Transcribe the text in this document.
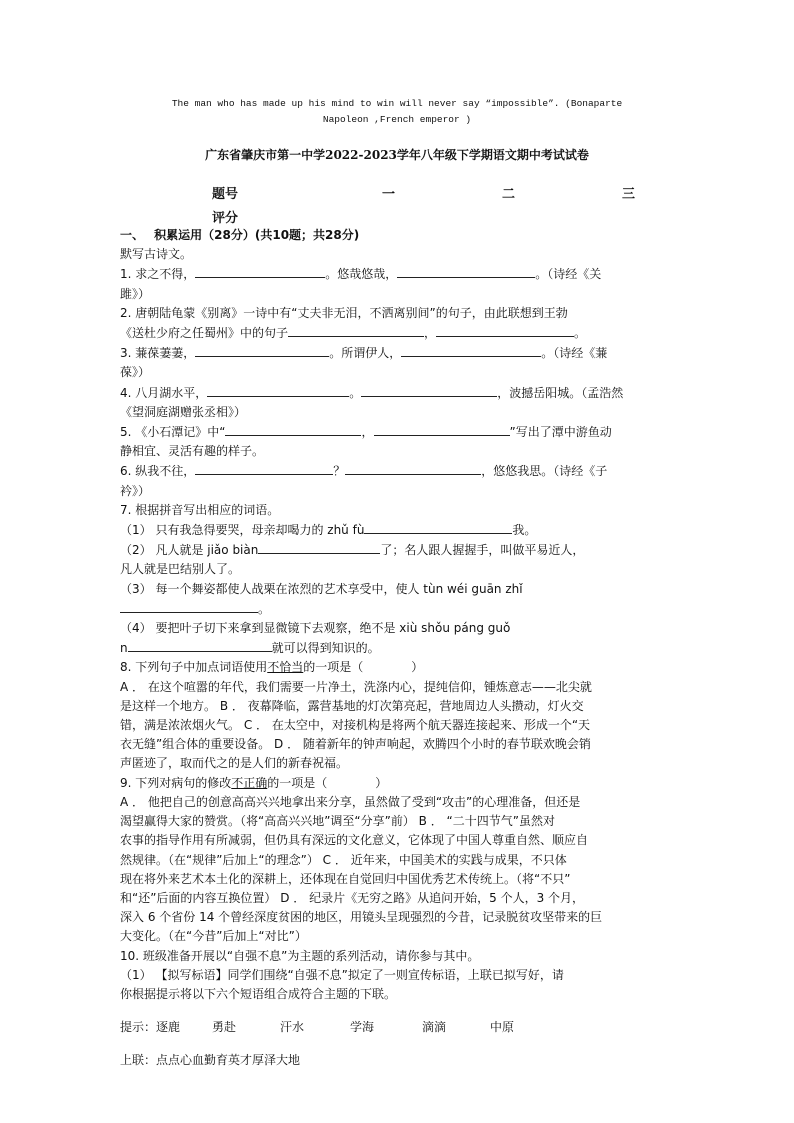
The man who has made up his mind to win will never say “impossible”. (Bonaparte
Napoleon ,French emperor )
广东省肇庆市第一中学2022-2023学年八年级下学期语文期中考试试卷
题号	一	二	三
评分
一、　 积累运用（28分）(共10题；共28分)
默写古诗文。
1. 求之不得，	。悠哉悠哉，	。（诗经《关
雎》）
2. 唐朝陆龟蒙《别离》一诗中有“丈夫非无泪，不洒离别间”的句子，由此联想到王勃
《送杜少府之任蜀州》中的句子	，	。
3. 蒹葆萋萋，	。所谓伊人，	。（诗经《蒹
葆》）
4. 八月湖水平，	。	，波撼岳阳城。（孟浩然
《望洞庭湖赠张丞相》）
5. 《小石潭记》中“	，	”写出了潭中游鱼动
静相宜、灵活有趣的样子。
6. 纵我不往，	？	，悠悠我思。（诗经《子
衿》）
7. 根据拼音写出相应的词语。
（1） 只有我急得要哭，母亲却喝力的 zhǔ fù	我。
（2） 凡人就是 jiǎo biàn	了；名人跟人握握手，叫做平易近人，
凡人就是巴结别人了。
（3） 每一个舞姿都使人战栗在浓烈的艺术享受中，使人 tùn wéi guān zhǐ
。
（4） 要把叶子切下来拿到显微镜下去观察，绝不是 xiù shǒu páng guǒ
n	就可以得到知识的。
8. 下列句子中加点词语使用不恰当的一项是（　　　　）
A ． 在这个喧嚣的年代，我们需要一片净土，洗涤内心，提纯信仰，锺炼意志——北尖就
是这样一个地方。 B ． 夜幕降临，露营基地的灯次第亮起，营地周边人头攒动，灯火交
错，满是浓浓烟火气。 C ． 在太空中，对接机构是将两个航天器连接起来、形成一个“天
衣无缝”组合体的重要设备。 D ． 随着新年的钟声响起，欢腾四个小时的春节联欢晚会销
声匿迹了，取而代之的是人们的新春祝福。
9. 下列对病句的修改不正确的一项是（　　　　）
A ． 他把自己的创意高高兴兴地拿出来分享，虽然做了受到“攻击”的心理准备，但还是
渴望赢得大家的赞赏。（将“高高兴兴地”调至“分享”前） B ． “二十四节气”虽然对
农事的指导作用有所减弱，但仍具有深远的文化意义，它体现了中国人尊重自然、顺应自
然规律。（在“规律”后加上“的理念”） C ． 近年来，中国美术的实践与成果，不只体
现在将外来艺术本土化的深耕上，还体现在自觉回归中国优秀艺术传统上。（将“不只”
和“还”后面的内容互换位置） D ． 纪录片《无穷之路》从追问开始，5 个人，3 个月，
深入 6 个省份 14 个曾经深度贫困的地区，用镜头呈现强烈的今昔，记录脱贫攻坚带来的巨
大变化。（在“今昔”后加上“对比”）
10. 班级准备开展以“自强不息”为主题的系列活动，请你参与其中。
（1） 【拟写标语】同学们围绕“自强不息”拟定了一则宣传标语，上联已拟写好，请
你根据提示将以下六个短语组合成符合主题的下联。
提示：逐鹿	勇赴	汗水	学海	滴滴	中原
上联：点点心血勤育英才厚泽大地
